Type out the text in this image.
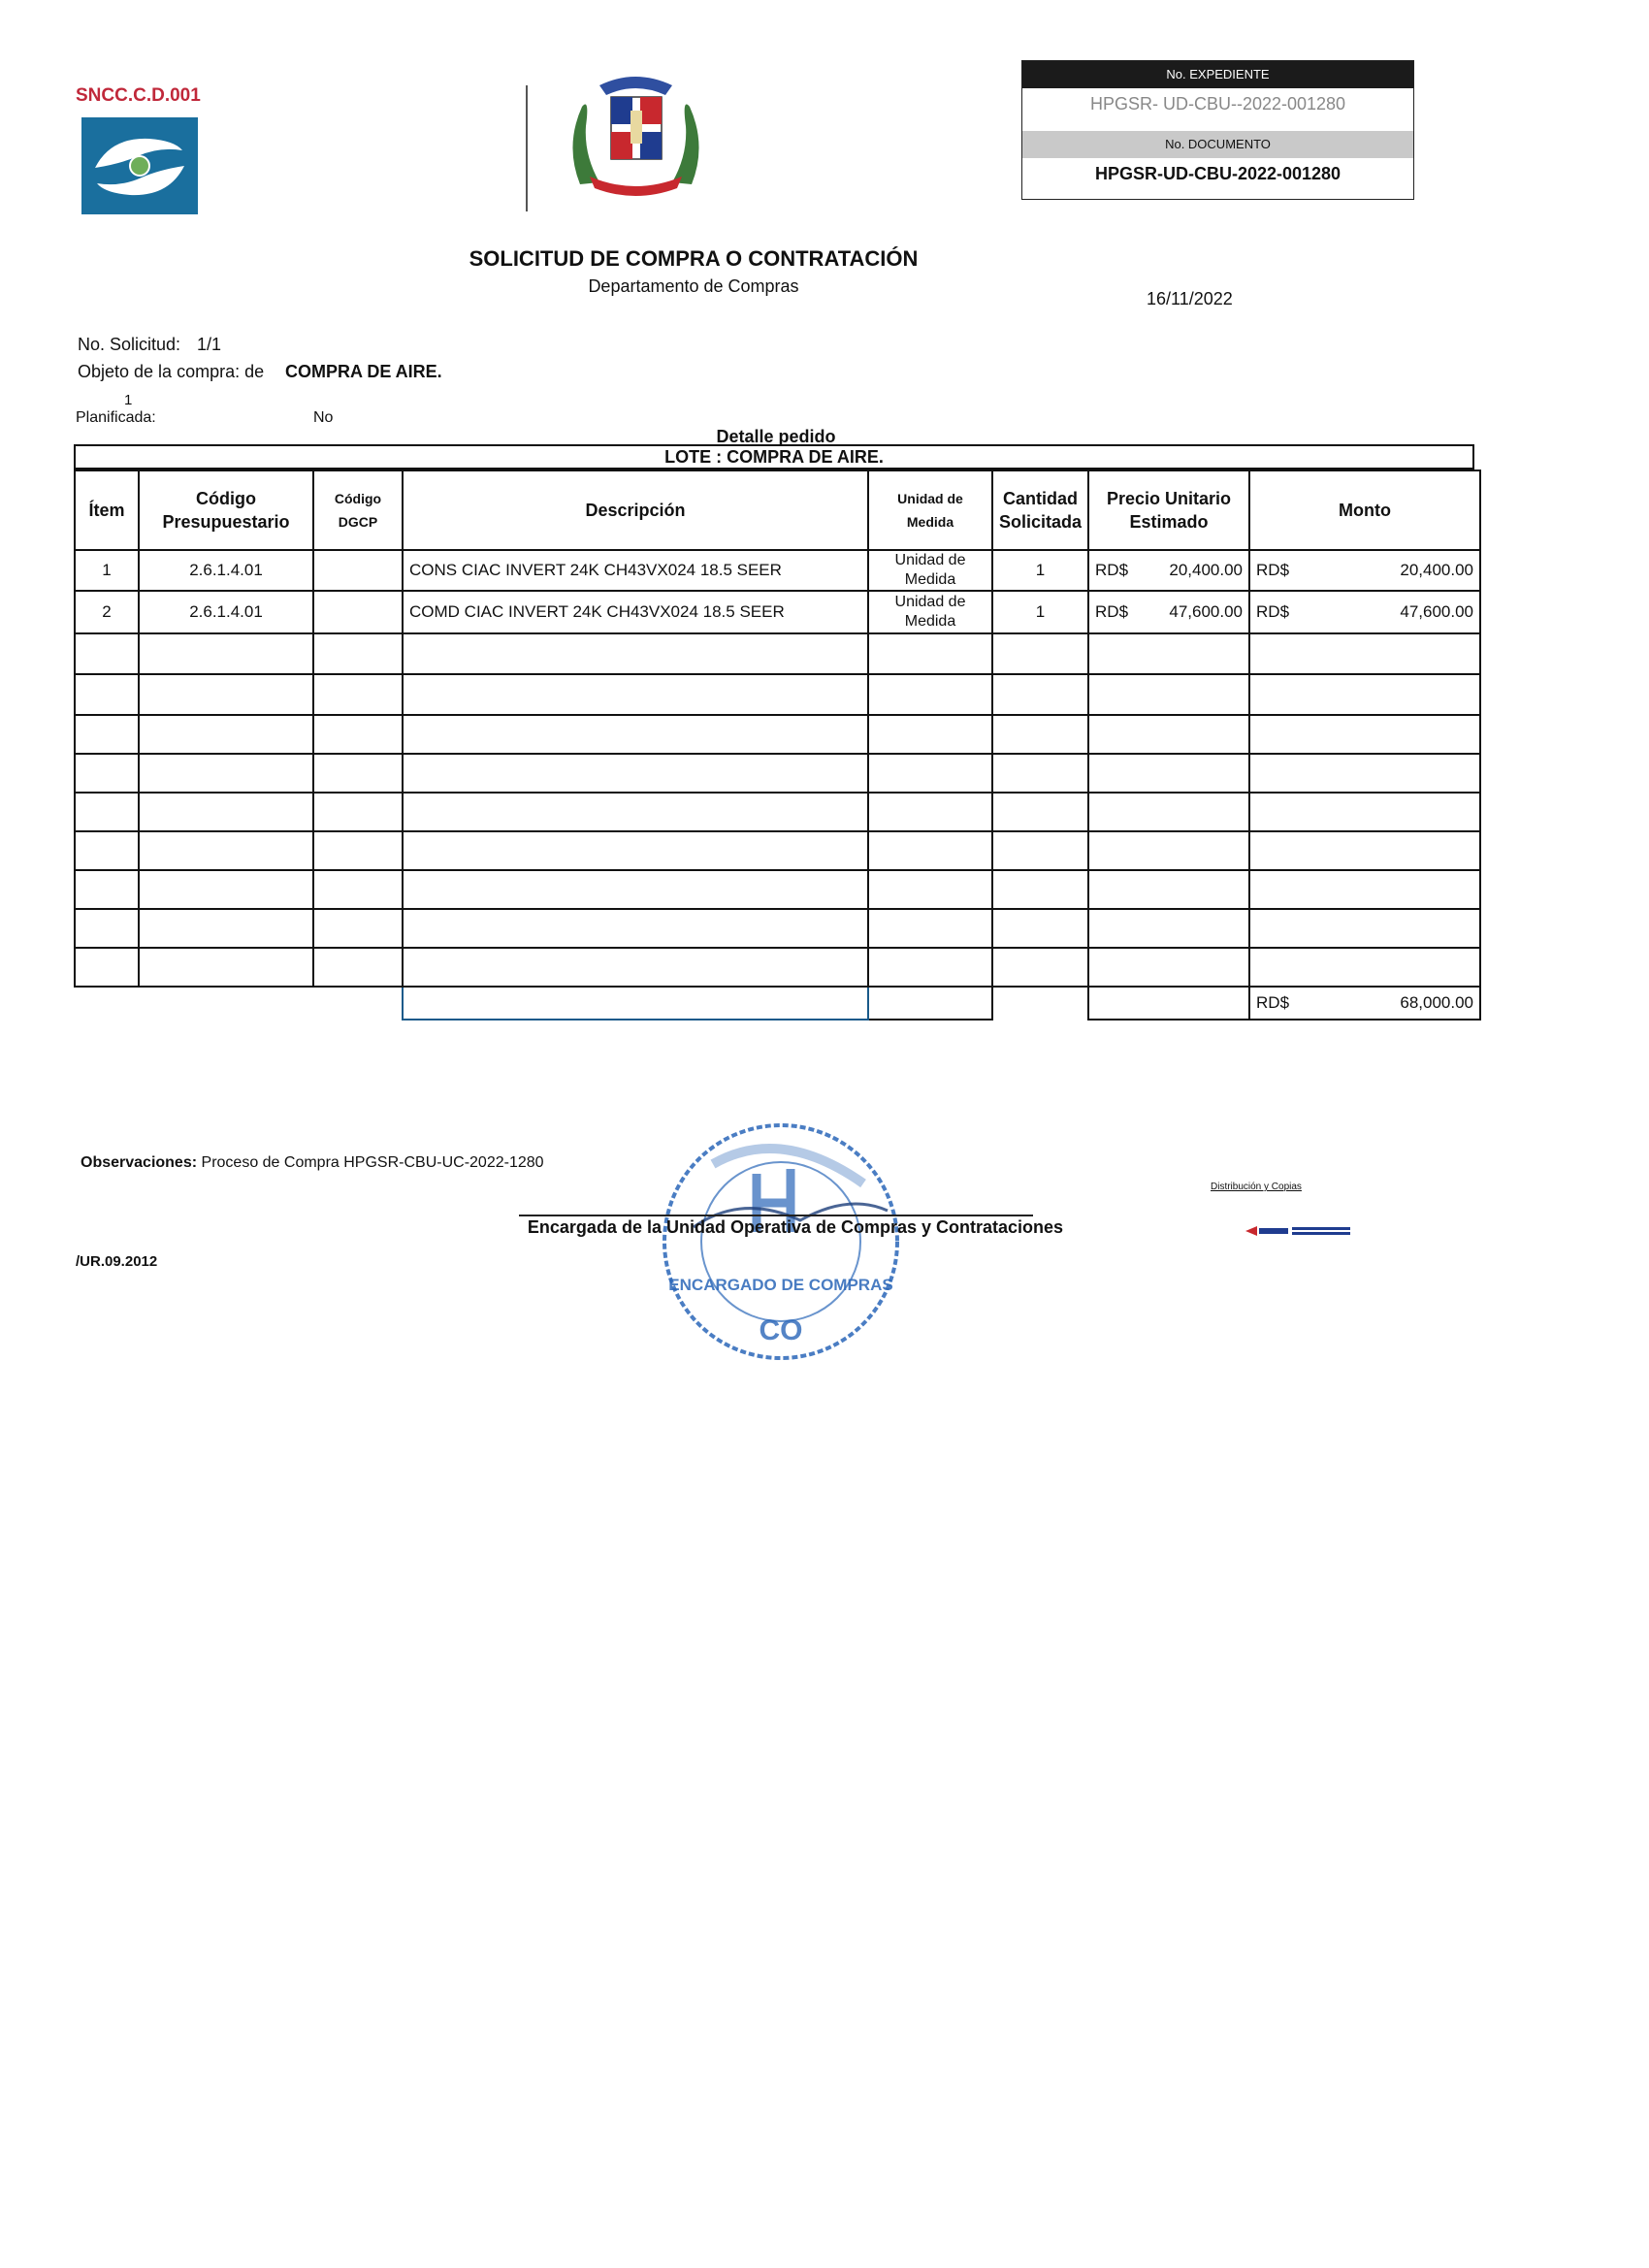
SNCC.C.D.001
No. EXPEDIENTE
HPGSR- UD-CBU--2022-001280
No. DOCUMENTO
HPGSR-UD-CBU-2022-001280
SOLICITUD DE COMPRA O CONTRATACIÓN
Departamento de Compras
16/11/2022
No. Solicitud: 1/1
Objeto de la compra: de COMPRA DE AIRE.
1
Planificada:	No
Detalle pedido
LOTE : COMPRA DE AIRE.
Ítem	Código Presupuestario	Código DGCP	Descripción	Unidad de Medida	Cantidad Solicitada	Precio Unitario Estimado	Monto
1	2.6.1.4.01		CONS CIAC INVERT 24K CH43VX024 18.5 SEER	Unidad de Medida	1	RD$ 20,400.00	RD$ 20,400.00

2	2.6.1.4.01		COMD CIAC INVERT 24K CH43VX024 18.5 SEER	Unidad de Medida	1	RD$ 47,600.00	RD$ 47,600.00

							RD$ 68,000.00
Observaciones: Proceso de Compra HPGSR-CBU-UC-2022-1280
ENCARGADO DE COMPRAS
CO
Encargada de la Unidad Operativa de Compras y Contrataciones
/UR.09.2012
Distribución y Copias
